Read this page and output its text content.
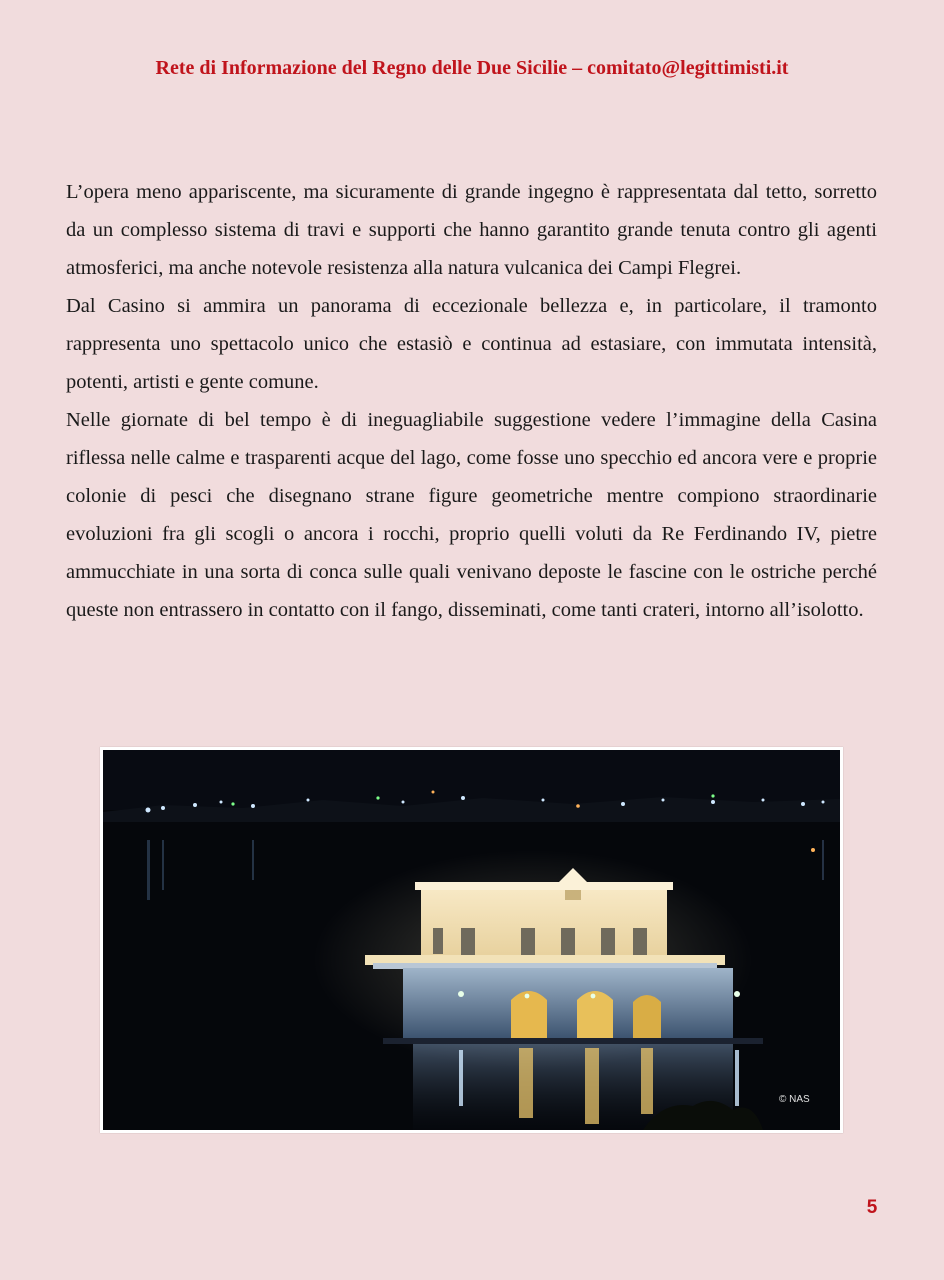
Rete di Informazione del Regno delle Due Sicilie – comitato@legittimisti.it

L’opera meno appariscente, ma sicuramente di grande ingegno è rappresentata dal tetto, sorretto da un complesso sistema di travi e supporti che hanno garantito grande tenuta contro gli agenti atmosferici, ma anche notevole resistenza alla natura vulcanica dei Campi Flegrei.

Dal Casino si ammira un panorama di eccezionale bellezza e, in particolare, il tramonto rappresenta uno spettacolo unico che estasiò e continua ad estasiare, con immutata intensità, potenti, artisti e gente comune.

Nelle giornate di bel tempo è di ineguagliabile suggestione vedere l’immagine della Casina riflessa nelle calme e trasparenti acque del lago, come fosse uno specchio ed ancora vere e proprie colonie di pesci che disegnano strane figure geometriche mentre compiono straordinarie evoluzioni fra gli scogli o ancora i rocchi, proprio quelli voluti da Re Ferdinando IV, pietre ammucchiate in una sorta di conca sulle quali venivano deposte le fascine con le ostriche perché queste non entrassero in contatto con il fango, disseminati, come tanti crateri, intorno all’isolotto.

© NAS
5
